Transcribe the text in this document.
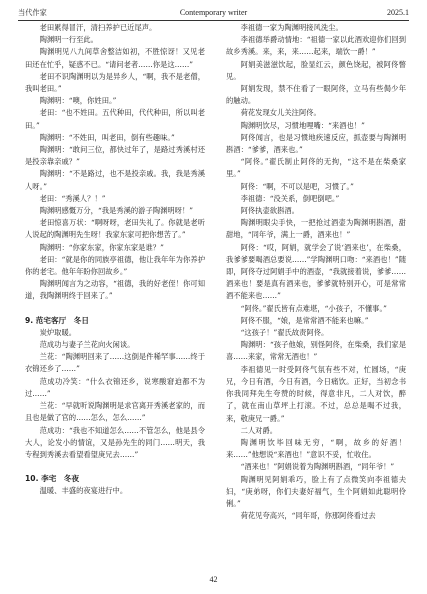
当代作家	Contemporary writer	2025.1

老田累得冒汗，清扫养护已近尾声。

陶渊明一行至此。

陶渊明见八九间草舍整洁如初，不胜惊讶！又见老田还在忙乎，疑惑不已。“请问老者……你是这……”

老田不识陶渊明以为是异乡人，“啊，我不是老僧，我叫老田。”

陶渊明：“噢，你姓田。”

老田：“也不姓田。五代种田，代代种田，所以叫老田。”

陶渊明：“不姓田，叫老田，倒有些趣味。”

陶渊明：“敢问三位，都快过年了，是路过秀溪村还是投亲靠亲戚？”

陶渊明：“不是路过，也不是投亲戚。我，我是秀溪人呀。”

老田：“秀溪人？！”

陶渊明感慨万分，“我是秀溪的游子陶渊明呀！”

老田惊喜万状：“啊呀呀，老田失礼了。你就是老听人说起的陶渊明先生呀！我家东家可把你想苦了。”

陶渊明：“你家东家，你家东家是谁？”

老田：“就是你的同族亭祖德，他让我年年为你养护你的老宅。他年年盼你回故乡。”

陶渊明闻言为之动容，“祖德，我的好老侄！你可知道，我陶渊明终于回来了。”

9. 范宅客厅　冬日

炭炉取暖。

范成功与妻子兰花向火闲谈。

兰花：“陶渊明回来了……这倒是件稀罕事……终于衣锦还乡了……”

范成功冷笑：“什么衣锦还乡，说寒酸窘迫都不为过……”

兰花：“早就听说陶渊明是求官离开秀溪老家的，而且也是做了官的……怎么，怎么……”

范成功：“我也不知道怎么……不管怎么，他是县令大人，论发小的情谊，又是孙先生的同门……明天，我专程到秀溪去看望看望庚兄去……”

10. 李宅　冬夜

温暖、丰盛的夜宴进行中。

李祖德一家为陶渊明接风洗尘。

李祖德举爵动情地：“祖德一家以此酒欢迎你们回到故乡秀溪。来，来，来……起来，端饮一爵！”

阿娟美滋滋饮起，脸显红云，颜色饶起，被阿佟瞥见。

阿娟发现，禁不住看了一眼阿佟，立马有些侷少年的触动。

荷花发现女儿关注阿佟。

陶渊明饮尽，习惯地哩嘴：“来酒也！”

阿佟闻言，也是习惯地疾速反应，抓壶要与陶渊明斟酒：“爹爹，酒来也。”

“阿佟。”翟氏制止阿佟的无拘，“这不是在柴桑家里。”

阿佟：“啊，不可以是吧，习惯了。”

李祖德：“没关系，倒吧倒吧。”

阿佟执壶欲斟酒。

陶渊明眼尖手快，一把抢过酒壶为陶渊明斟酒，甜甜地，“同年爷，满上一爵，酒来也！”

阿佟：“哎，阿娟，就学会了说‘酒来也’，在柴桑，我爹爹要喝酒总要说……”学陶渊明口吻：“来酒也！”随即，阿佟夺过阿娟手中的酒壶，“我就接着说，爹爹……酒来也！要是真有酒来也，爹爹就特别开心，可是常常酒不能来也……”

“阿佟。”翟氏皆有点难堪，“小孩子，不懂事。”

阿佟不服，“娘，是常常酒不能来也嘛。”

“这孩子！”翟氏故责阿佟。

陶渊明：“孩子他娘，别怪阿佟，在柴桑，我们家是喜……来家，常常无酒也！”

李祖德见一时受阿佟气氛有些不对，忙圆场，“庚兄，今日有酒，今日有酒，今日痛饮。正好，当初念书你我同拜先生夸赞的时候，得意非凡，二人对饮，醉了，就在南山草坪上打滚。不过，总总是喝不过我，来，敬庚兄一爵。”

二人对爵。

陶渊明饮毕回味无穷，“啊，故乡的好酒！来……”他想说“来酒也！”意识不妥，忙收住。

“酒来也！”阿娟说着为陶渊明斟酒，“同年爷！”

陶渊明见阿娟乖巧，脸上有了点微笑向李祖德夫妇，“庚弟呀，你们夫妻好福气，生个阿娟如此聪明伶俐。”

荷花见夸高兴，“同年哥，你那阿佟看过去

42
